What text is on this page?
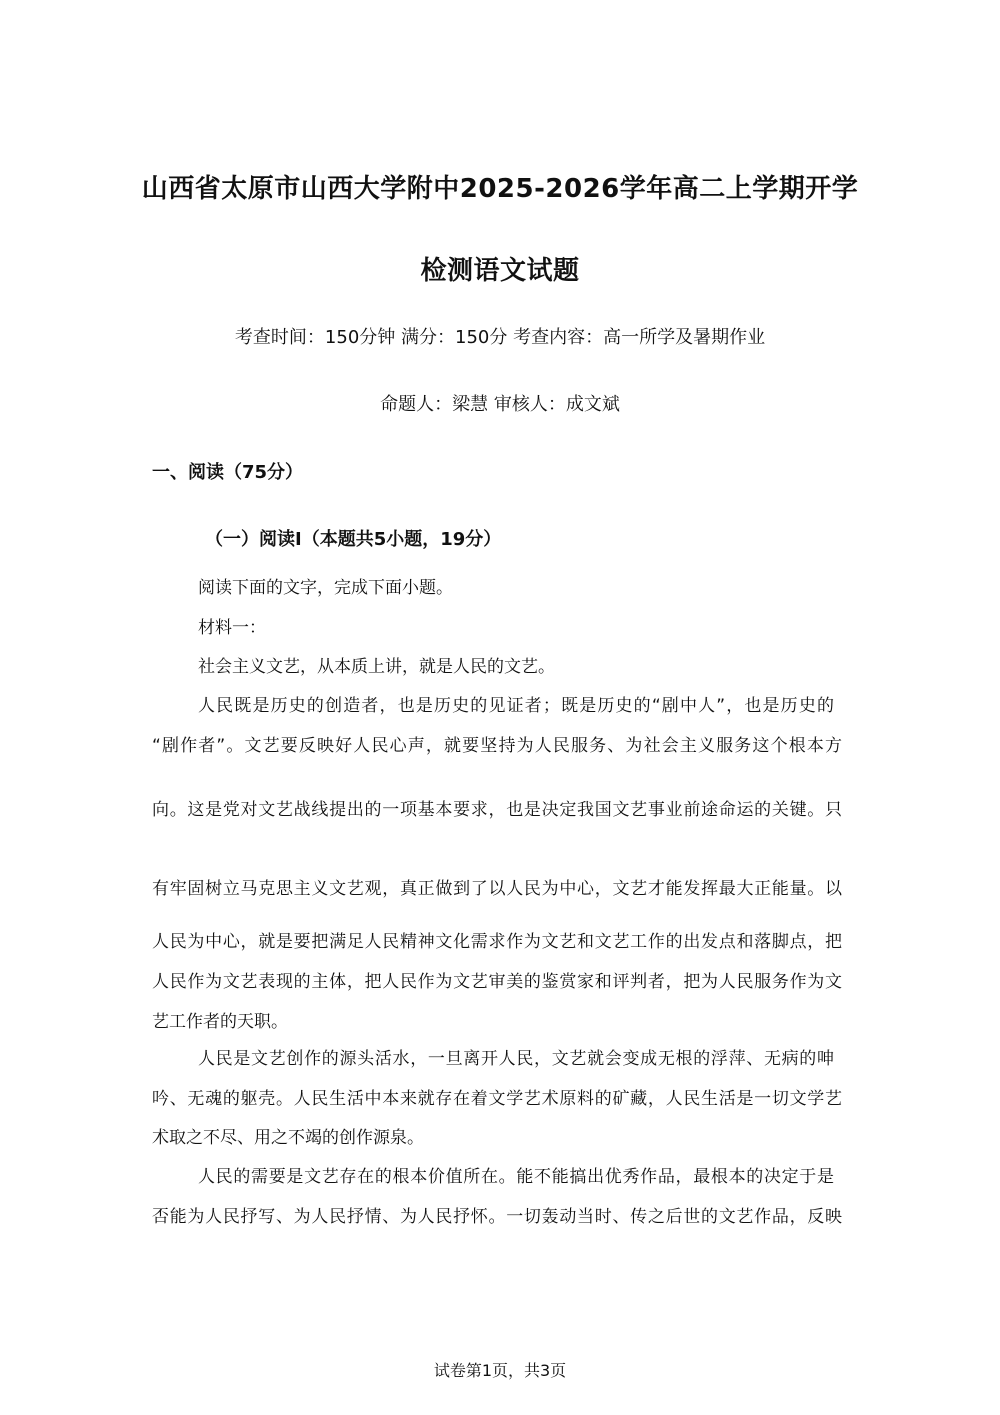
山西省太原市山西大学附中2025-2026学年高二上学期开学
检测语文试题
考查时间：150分钟 满分：150分 考查内容：高一所学及暑期作业
命题人：梁慧 审核人：成文斌
一、阅读（75分）
（一）阅读I（本题共5小题，19分）
阅读下面的文字，完成下面小题。
材料一：
社会主义文艺，从本质上讲，就是人民的文艺。
人民既是历史的创造者，也是历史的见证者；既是历史的“剧中人”，也是历史的
“剧作者”。文艺要反映好人民心声，就要坚持为人民服务、为社会主义服务这个根本方
向。这是党对文艺战线提出的一项基本要求，也是决定我国文艺事业前途命运的关键。只
有牢固树立马克思主义文艺观，真正做到了以人民为中心，文艺才能发挥最大正能量。以
人民为中心，就是要把满足人民精神文化需求作为文艺和文艺工作的出发点和落脚点，把
人民作为文艺表现的主体，把人民作为文艺审美的鉴赏家和评判者，把为人民服务作为文
艺工作者的天职。
人民是文艺创作的源头活水，一旦离开人民，文艺就会变成无根的浮萍、无病的呻
吟、无魂的躯壳。人民生活中本来就存在着文学艺术原料的矿藏，人民生活是一切文学艺
术取之不尽、用之不竭的创作源泉。
人民的需要是文艺存在的根本价值所在。能不能搞出优秀作品，最根本的决定于是
否能为人民抒写、为人民抒情、为人民抒怀。一切轰动当时、传之后世的文艺作品，反映
试卷第1页，共3页
